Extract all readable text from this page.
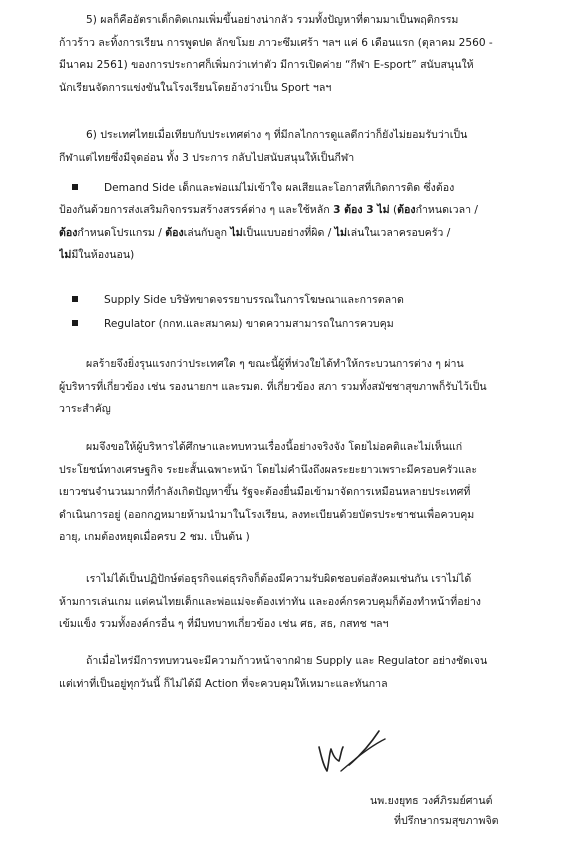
5) ผลก็คืออัตราเด็กติดเกมเพิ่มขึ้นอย่างน่ากลัว รวมทั้งปัญหาที่ตามมาเป็นพฤติกรรม
ก้าวร้าว ละทิ้งการเรียน การพูดปด ลักขโมย ภาวะซึมเศร้า ฯลฯ แค่ 6 เดือนแรก (ตุลาคม 2560 -
มีนาคม 2561) ของการประกาศก็เพิ่มกว่าเท่าตัว มีการเปิดค่าย “กีฬา E-sport” สนับสนุนให้
นักเรียนจัดการแข่งขันในโรงเรียนโดยอ้างว่าเป็น Sport ฯลฯ
6) ประเทศไทยเมื่อเทียบกับประเทศต่าง ๆ ที่มีกลไกการดูแลดีกว่าก็ยังไม่ยอมรับว่าเป็น
กีฬาแต่ไทยซึ่งมีจุดอ่อน ทั้ง 3 ประการ กลับไปสนับสนุนให้เป็นกีฬา
Demand Side เด็กและพ่อแม่ไม่เข้าใจ ผลเสียและโอกาสที่เกิดการติด ซึ่งต้อง
ป้องกันด้วยการส่งเสริมกิจกรรมสร้างสรรค์ต่าง ๆ และใช้หลัก 3 ต้อง 3 ไม่ (ต้องกำหนดเวลา /
ต้องกำหนดโปรแกรม / ต้องเล่นกับลูก ไม่เป็นแบบอย่างที่ผิด / ไม่เล่นในเวลาครอบครัว /
ไม่มีในห้องนอน)
Supply Side บริษัทขาดจรรยาบรรณในการโฆษณาและการตลาด
Regulator (กกท.และสมาคม) ขาดความสามารถในการควบคุม
ผลร้ายจึงยิ่งรุนแรงกว่าประเทศใด ๆ ขณะนี้ผู้ที่ห่วงใยได้ทำให้กระบวนการต่าง ๆ ผ่าน
ผู้บริหารที่เกี่ยวข้อง เช่น รองนายกฯ และรมต. ที่เกี่ยวข้อง สภา รวมทั้งสมัชชาสุขภาพก็รับไว้เป็น
วาระสำคัญ
ผมจึงขอให้ผู้บริหารได้ศึกษาและทบทวนเรื่องนี้อย่างจริงจัง โดยไม่อคติและไม่เห็นแก่
ประโยชน์ทางเศรษฐกิจ ระยะสั้นเฉพาะหน้า โดยไม่คำนึงถึงผลระยะยาวเพราะมีครอบครัวและ
เยาวชนจำนวนมากที่กำลังเกิดปัญหาขึ้น รัฐจะต้องยื่นมือเข้ามาจัดการเหมือนหลายประเทศที่
ดำเนินการอยู่ (ออกกฎหมายห้ามนำมาในโรงเรียน, ลงทะเบียนด้วยบัตรประชาชนเพื่อควบคุม
อายุ, เกมต้องหยุดเมื่อครบ 2 ชม. เป็นต้น )
เราไม่ได้เป็นปฏิปักษ์ต่อธุรกิจแต่ธุรกิจก็ต้องมีความรับผิดชอบต่อสังคมเช่นกัน เราไม่ได้
ห้ามการเล่นเกม แต่คนไทยเด็กและพ่อแม่จะต้องเท่าทัน และองค์กรควบคุมก็ต้องทำหน้าที่อย่าง
เข้มแข็ง รวมทั้งองค์กรอื่น ๆ ที่มีบทบาทเกี่ยวข้อง เช่น ศธ, สธ, กสทช ฯลฯ
ถ้าเมื่อไหร่มีการทบทวนจะมีความก้าวหน้าจากฝ่าย Supply และ Regulator อย่างชัดเจน
แต่เท่าที่เป็นอยู่ทุกวันนี้ ก็ไม่ได้มี Action ที่จะควบคุมให้เหมาะและทันกาล
นพ.ยงยุทธ วงศ์ภิรมย์ศานต์
ที่ปรึกษากรมสุขภาพจิต
